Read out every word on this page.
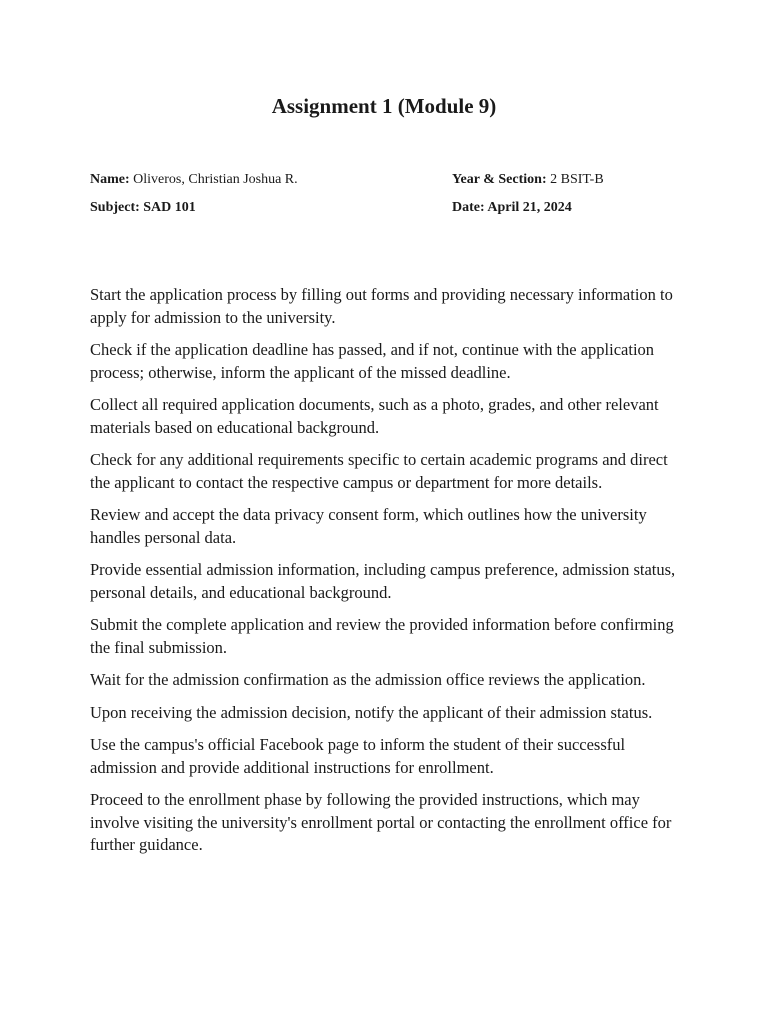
Assignment 1 (Module 9)
Name: Oliveros, Christian Joshua R.	Year & Section: 2 BSIT-B
Subject: SAD 101	Date: April 21, 2024

Start the application process by filling out forms and providing necessary information to apply for admission to the university.

Check if the application deadline has passed, and if not, continue with the application process; otherwise, inform the applicant of the missed deadline.

Collect all required application documents, such as a photo, grades, and other relevant materials based on educational background.

Check for any additional requirements specific to certain academic programs and direct the applicant to contact the respective campus or department for more details.

Review and accept the data privacy consent form, which outlines how the university handles personal data.

Provide essential admission information, including campus preference, admission status, personal details, and educational background.

Submit the complete application and review the provided information before confirming the final submission.

Wait for the admission confirmation as the admission office reviews the application.

Upon receiving the admission decision, notify the applicant of their admission status.

Use the campus's official Facebook page to inform the student of their successful admission and provide additional instructions for enrollment.

Proceed to the enrollment phase by following the provided instructions, which may involve visiting the university's enrollment portal or contacting the enrollment office for further guidance.
